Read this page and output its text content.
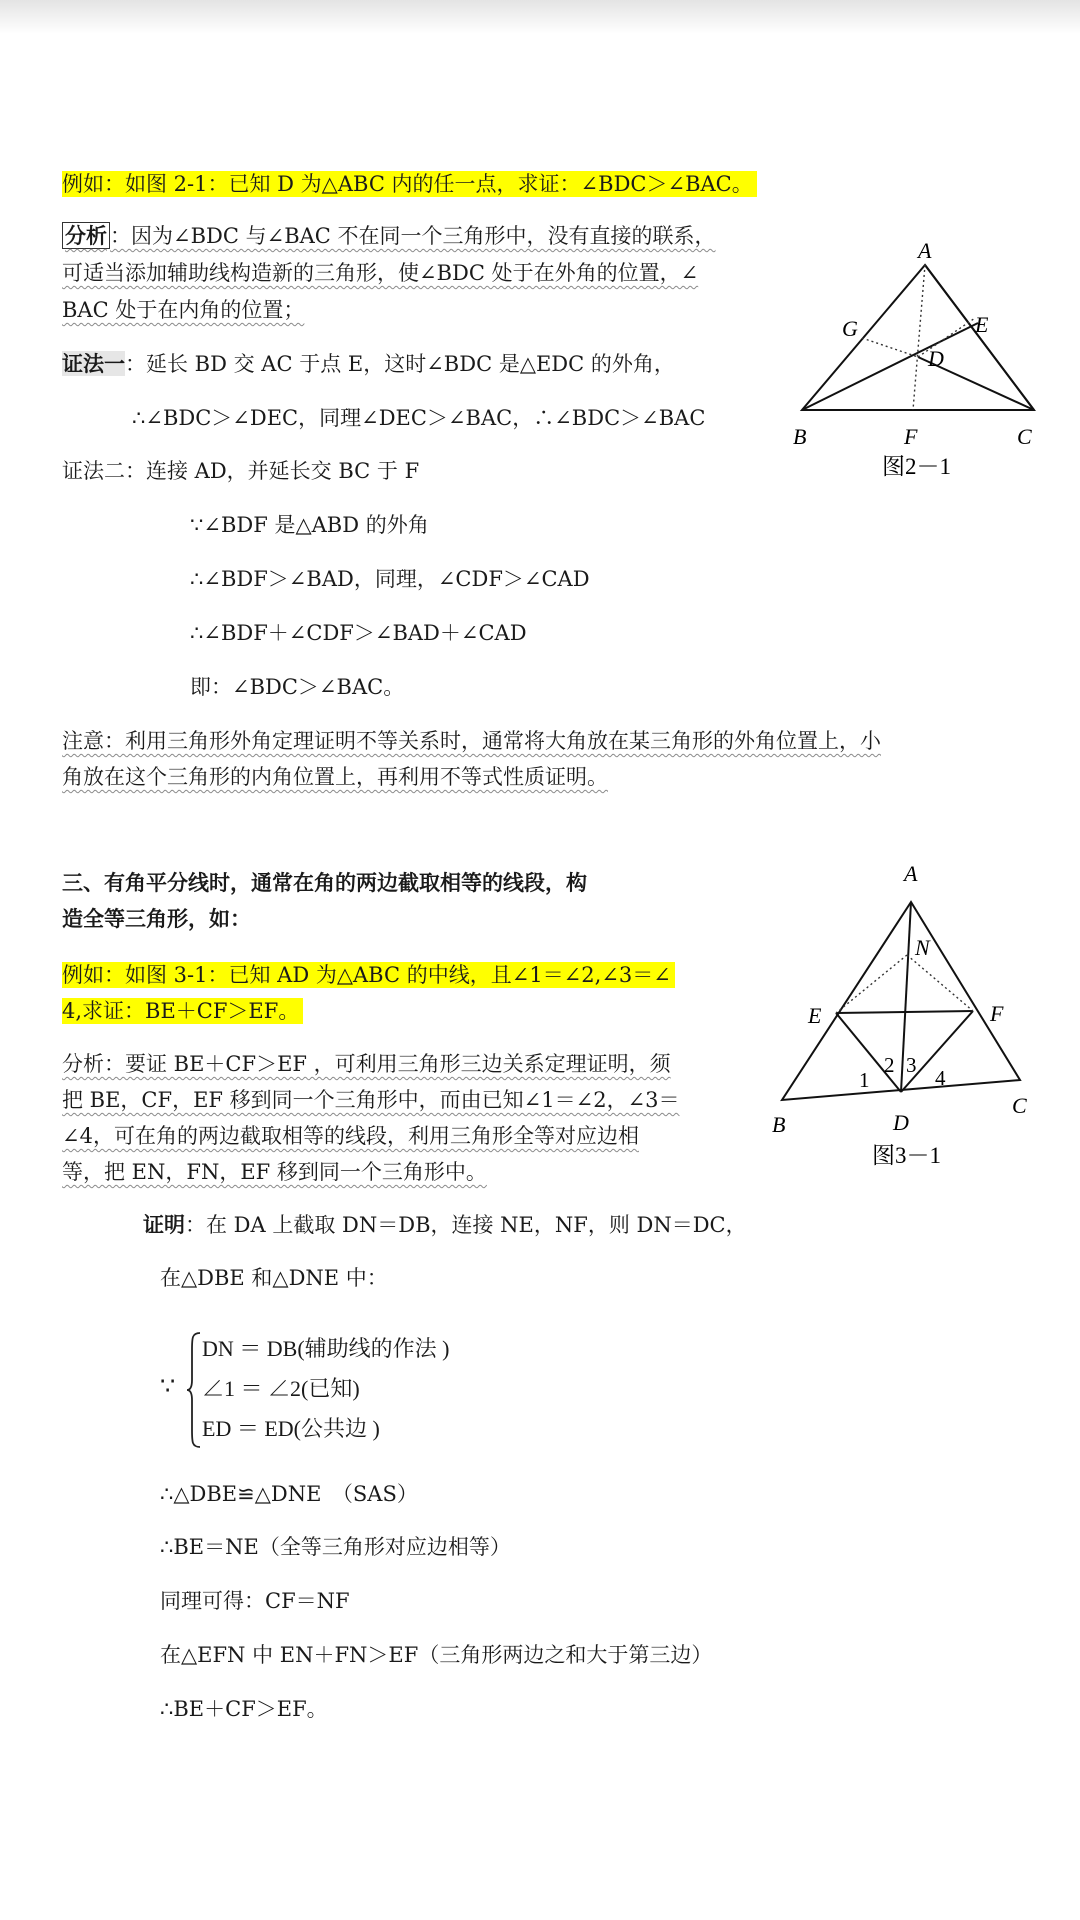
例如：如图 2-1：已知 D 为△ABC 内的任一点，求证：∠BDC＞∠BAC。
分析 ：因为∠BDC 与∠BAC 不在同一个三角形中，没有直接的联系，
可适当添加辅助线构造新的三角形，使∠BDC 处于在外角的位置，∠
BAC 处于在内角的位置；
证法一：延长 BD 交 AC 于点 E，这时∠BDC 是△EDC 的外角，
∴∠BDC＞∠DEC，同理∠DEC＞∠BAC，∴∠BDC＞∠BAC
证法二：连接 AD，并延长交 BC 于 F
∵∠BDF 是△ABD 的外角
∴∠BDF＞∠BAD，同理，∠CDF＞∠CAD
∴∠BDF＋∠CDF＞∠BAD＋∠CAD
即：∠BDC＞∠BAC。
注意：利用三角形外角定理证明不等关系时，通常将大角放在某三角形的外角位置上，小
角放在这个三角形的内角位置上，再利用不等式性质证明。
三、有角平分线时，通常在角的两边截取相等的线段，构
造全等三角形，如：
例如：如图 3-1：已知 AD 为△ABC 的中线，且∠1＝∠2,∠3＝∠
4,求证：BE＋CF＞EF。
分析：要证 BE＋CF＞EF ，可利用三角形三边关系定理证明，须
把 BE，CF，EF 移到同一个三角形中，而由已知∠1＝∠2，∠3＝
∠4，可在角的两边截取相等的线段，利用三角形全等对应边相
等，把 EN，FN，EF 移到同一个三角形中。
证明：在 DA 上截取 DN＝DB，连接 NE，NF，则 DN＝DC，
在△DBE 和△DNE 中：
∵
DN ＝ DB(辅助线的作法 )
∠1 ＝ ∠2(已知)
ED ＝ ED(公共边 )
∴△DBE≌△DNE　（SAS）
∴BE＝NE（全等三角形对应边相等）
同理可得：CF＝NF
在△EFN 中 EN＋FN＞EF（三角形两边之和大于第三边）
∴BE＋CF＞EF。
A
B	C
D
E
F
G
图2－1
A
B
C
D
E	F
N
1
2 3
4
图3－1
